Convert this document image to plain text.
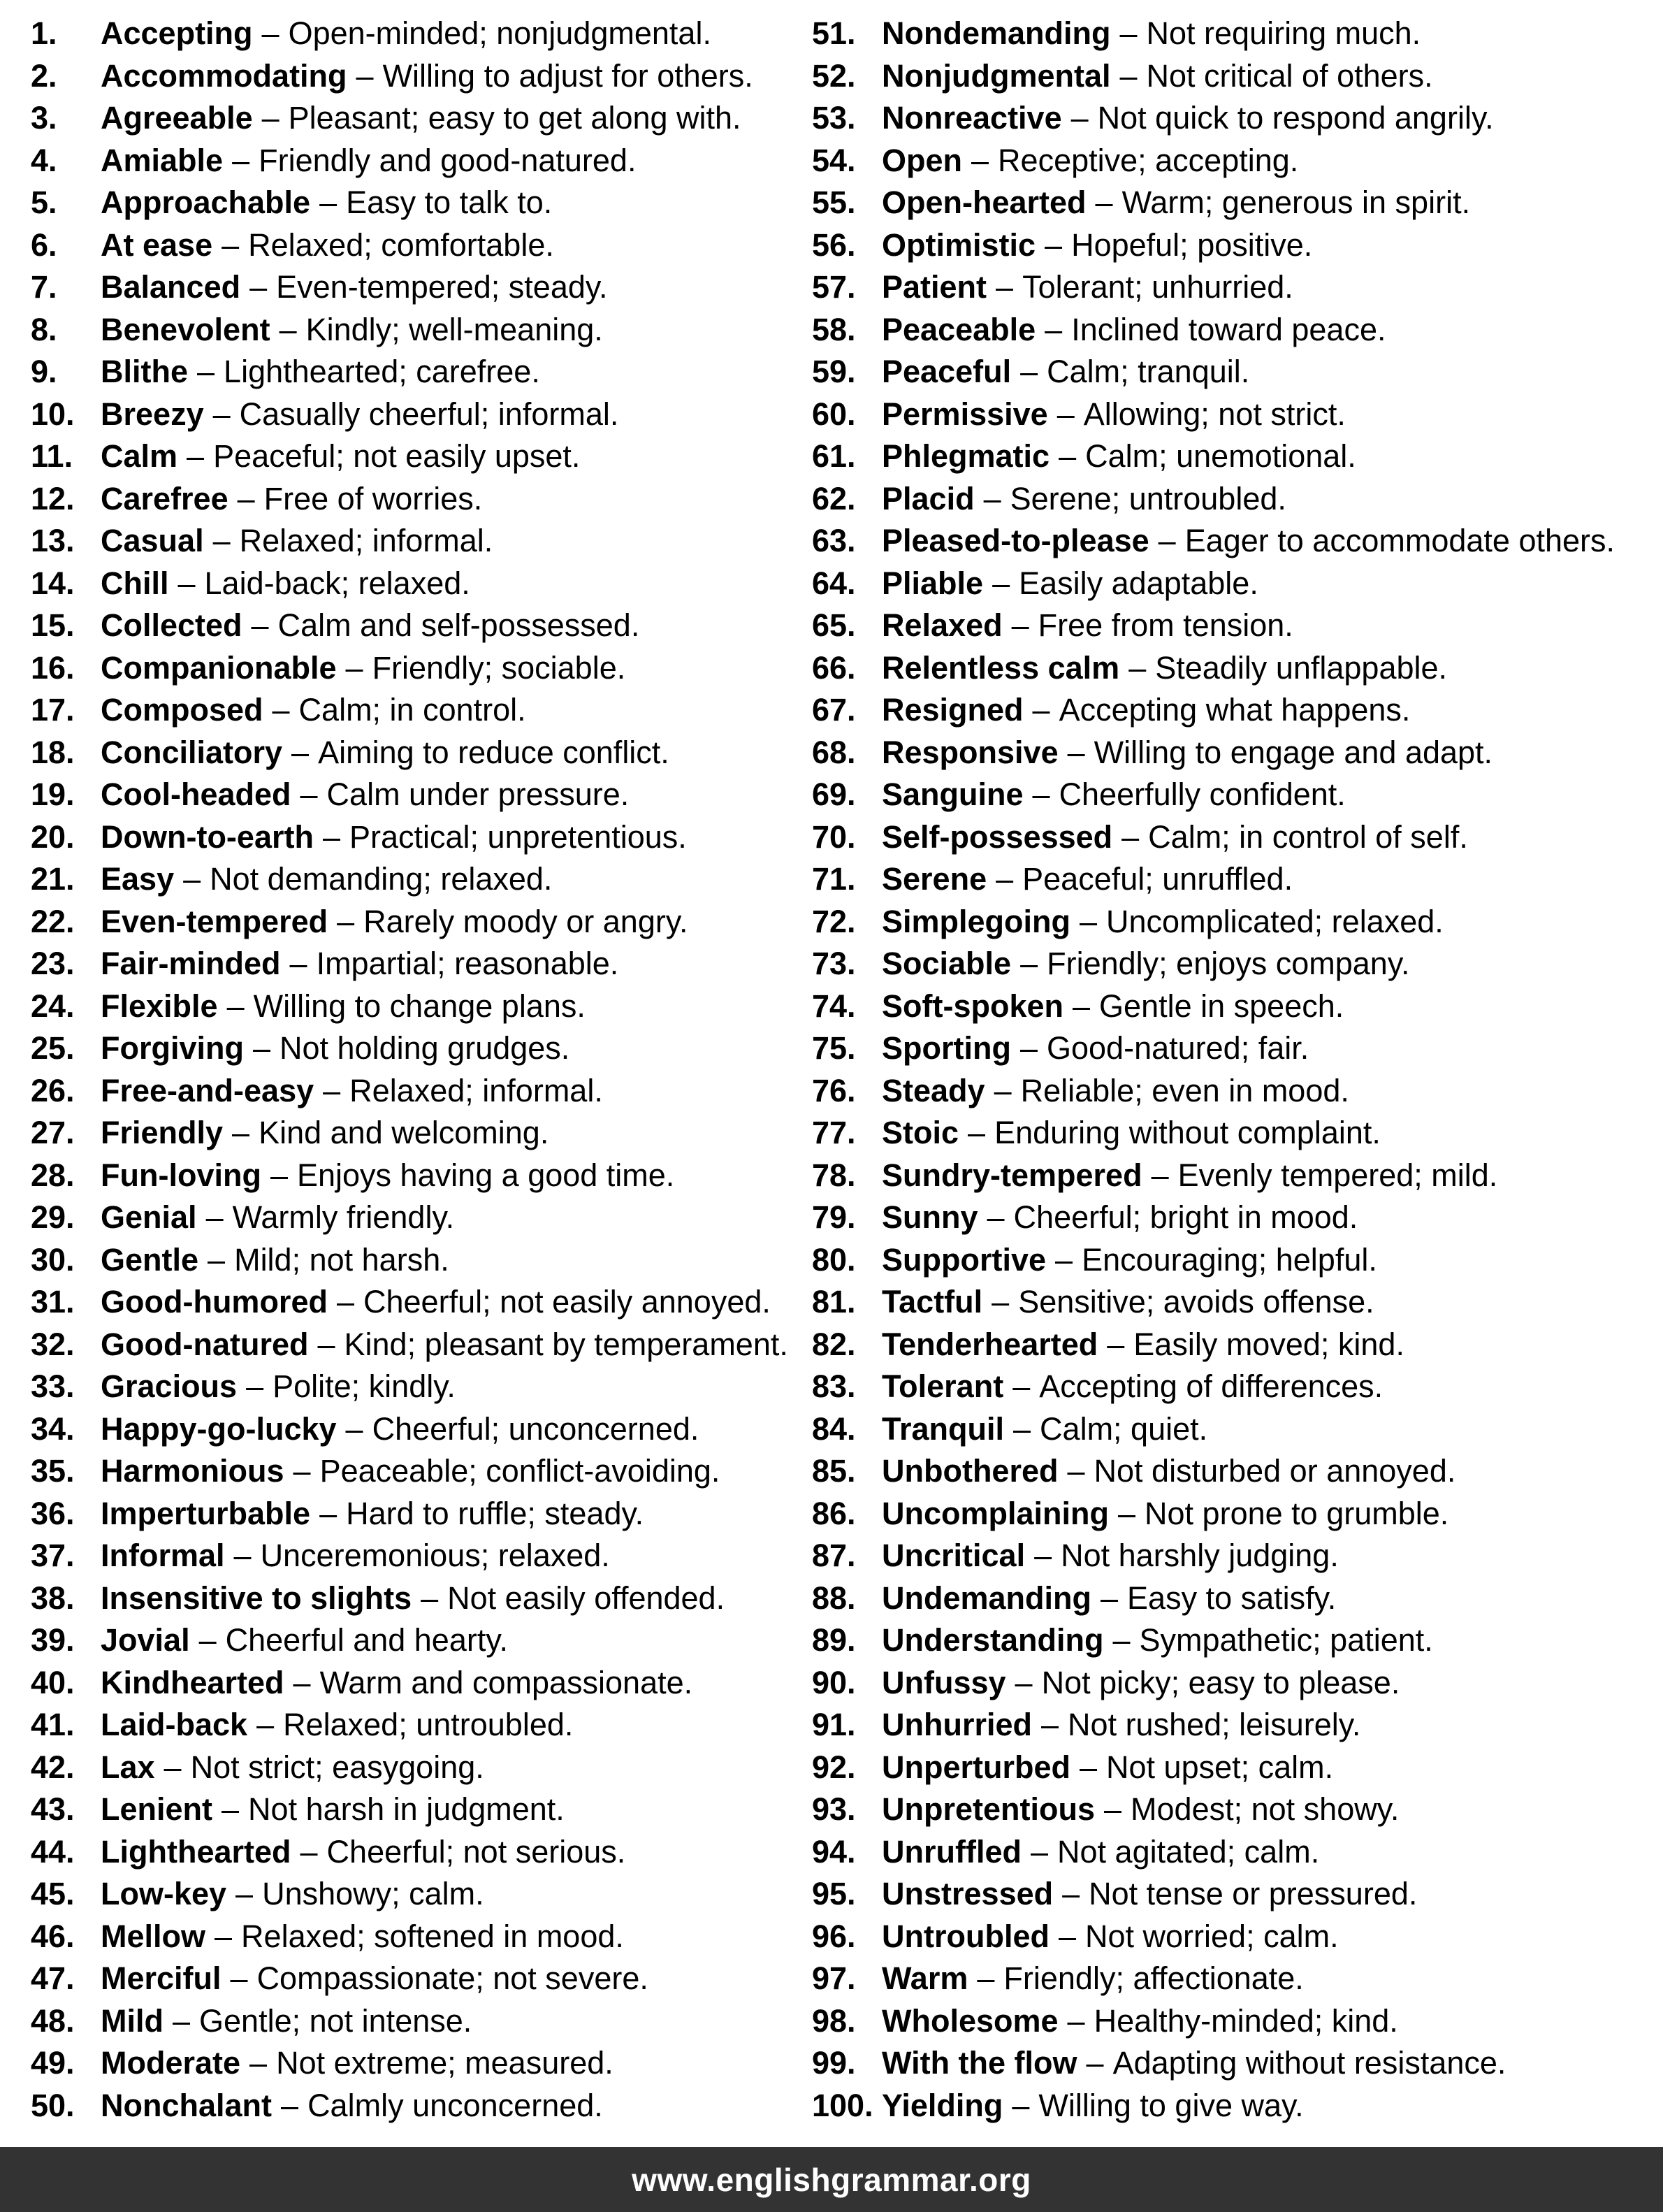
1.	Accepting – Open-minded; nonjudgmental.
2.	Accommodating – Willing to adjust for others.
3.	Agreeable – Pleasant; easy to get along with.
4.	Amiable – Friendly and good-natured.
5.	Approachable – Easy to talk to.
6.	At ease – Relaxed; comfortable.
7.	Balanced – Even-tempered; steady.
8.	Benevolent – Kindly; well-meaning.
9.	Blithe – Lighthearted; carefree.
10. Breezy – Casually cheerful; informal.
11. Calm – Peaceful; not easily upset.
12. Carefree – Free of worries.
13. Casual – Relaxed; informal.
14. Chill – Laid-back; relaxed.
15. Collected – Calm and self-possessed.
16. Companionable – Friendly; sociable.
17. Composed – Calm; in control.
18. Conciliatory – Aiming to reduce conflict.
19. Cool-headed – Calm under pressure.
20. Down-to-earth – Practical; unpretentious.
21. Easy – Not demanding; relaxed.
22. Even-tempered – Rarely moody or angry.
23. Fair-minded – Impartial; reasonable.
24. Flexible – Willing to change plans.
25. Forgiving – Not holding grudges.
26. Free-and-easy – Relaxed; informal.
27. Friendly – Kind and welcoming.
28. Fun-loving – Enjoys having a good time.
29. Genial – Warmly friendly.
30. Gentle – Mild; not harsh.
31. Good-humored – Cheerful; not easily annoyed.
32. Good-natured – Kind; pleasant by temperament.
33. Gracious – Polite; kindly.
34. Happy-go-lucky – Cheerful; unconcerned.
35. Harmonious – Peaceable; conflict-avoiding.
36. Imperturbable – Hard to ruffle; steady.
37. Informal – Unceremonious; relaxed.
38. Insensitive to slights – Not easily offended.
39. Jovial – Cheerful and hearty.
40. Kindhearted – Warm and compassionate.
41. Laid-back – Relaxed; untroubled.
42. Lax – Not strict; easygoing.
43. Lenient – Not harsh in judgment.
44. Lighthearted – Cheerful; not serious.
45. Low-key – Unshowy; calm.
46. Mellow – Relaxed; softened in mood.
47. Merciful – Compassionate; not severe.
48. Mild – Gentle; not intense.
49. Moderate – Not extreme; measured.
50. Nonchalant – Calmly unconcerned.
51. Nondemanding – Not requiring much.
52. Nonjudgmental – Not critical of others.
53. Nonreactive – Not quick to respond angrily.
54. Open – Receptive; accepting.
55. Open-hearted – Warm; generous in spirit.
56. Optimistic – Hopeful; positive.
57. Patient – Tolerant; unhurried.
58. Peaceable – Inclined toward peace.
59. Peaceful – Calm; tranquil.
60. Permissive – Allowing; not strict.
61. Phlegmatic – Calm; unemotional.
62. Placid – Serene; untroubled.
63. Pleased-to-please – Eager to accommodate others.
64. Pliable – Easily adaptable.
65. Relaxed – Free from tension.
66. Relentless calm – Steadily unflappable.
67. Resigned – Accepting what happens.
68. Responsive – Willing to engage and adapt.
69. Sanguine – Cheerfully confident.
70. Self-possessed – Calm; in control of self.
71. Serene – Peaceful; unruffled.
72. Simplegoing – Uncomplicated; relaxed.
73. Sociable – Friendly; enjoys company.
74. Soft-spoken – Gentle in speech.
75. Sporting – Good-natured; fair.
76. Steady – Reliable; even in mood.
77. Stoic – Enduring without complaint.
78. Sundry-tempered – Evenly tempered; mild.
79. Sunny – Cheerful; bright in mood.
80. Supportive – Encouraging; helpful.
81. Tactful – Sensitive; avoids offense.
82. Tenderhearted – Easily moved; kind.
83. Tolerant – Accepting of differences.
84. Tranquil – Calm; quiet.
85. Unbothered – Not disturbed or annoyed.
86. Uncomplaining – Not prone to grumble.
87. Uncritical – Not harshly judging.
88. Undemanding – Easy to satisfy.
89. Understanding – Sympathetic; patient.
90. Unfussy – Not picky; easy to please.
91. Unhurried – Not rushed; leisurely.
92. Unperturbed – Not upset; calm.
93. Unpretentious – Modest; not showy.
94. Unruffled – Not agitated; calm.
95. Unstressed – Not tense or pressured.
96. Untroubled – Not worried; calm.
97. Warm – Friendly; affectionate.
98. Wholesome – Healthy-minded; kind.
99. With the flow – Adapting without resistance.
100. Yielding – Willing to give way.
www.englishgrammar.org
